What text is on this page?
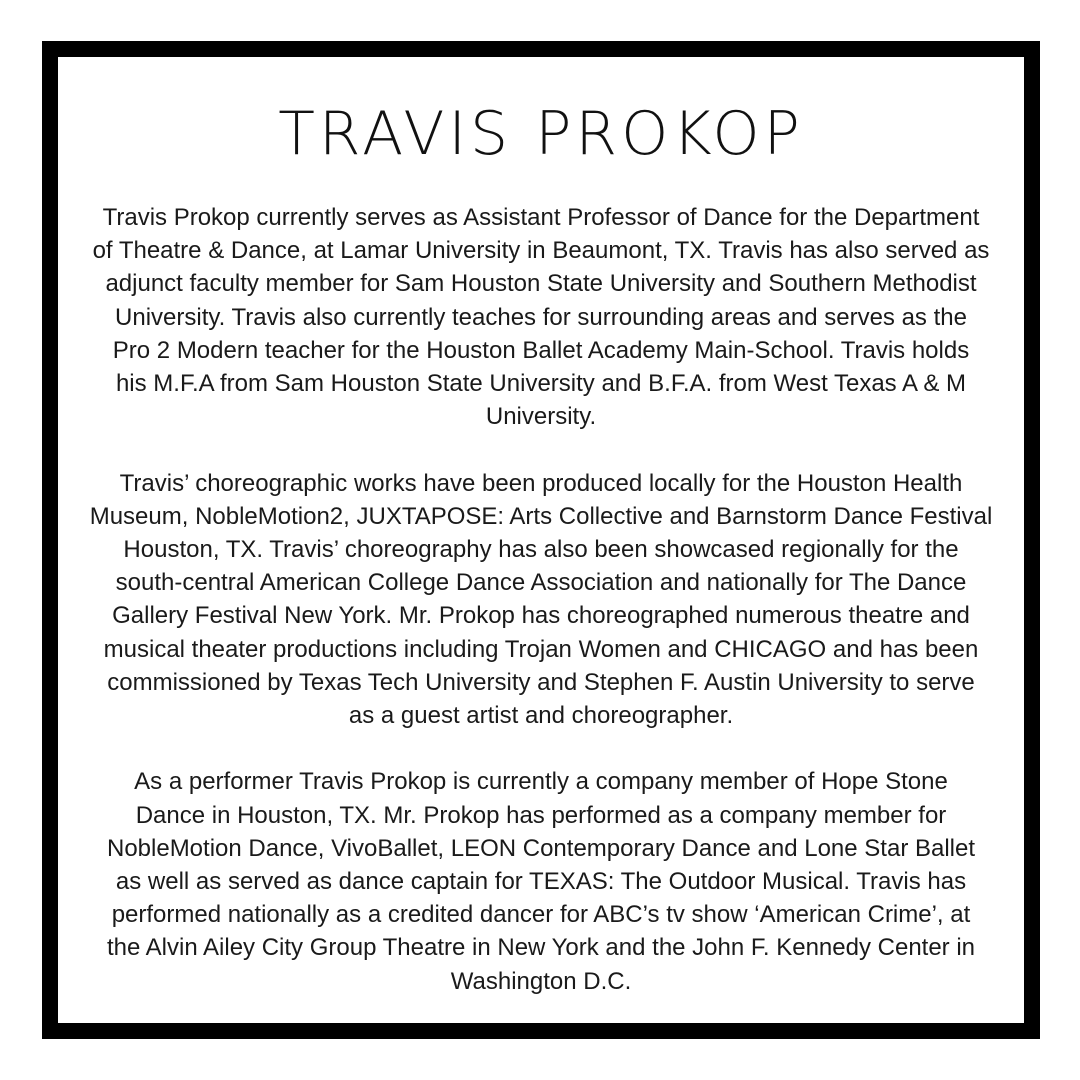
TRAVIS PROKOP

Travis Prokop currently serves as Assistant Professor of Dance for the Department
of Theatre & Dance, at Lamar University in Beaumont, TX. Travis has also served as
adjunct faculty member for Sam Houston State University and Southern Methodist
University. Travis also currently teaches for surrounding areas and serves as the
Pro 2 Modern teacher for the Houston Ballet Academy Main-School. Travis holds
his M.F.A from Sam Houston State University and B.F.A. from West Texas A & M
University.

Travis’ choreographic works have been produced locally for the Houston Health
Museum, NobleMotion2, JUXTAPOSE: Arts Collective and Barnstorm Dance Festival
Houston, TX. Travis’ choreography has also been showcased regionally for the
south-central American College Dance Association and nationally for The Dance
Gallery Festival New York. Mr. Prokop has choreographed numerous theatre and
musical theater productions including Trojan Women and CHICAGO and has been
commissioned by Texas Tech University and Stephen F. Austin University to serve
as a guest artist and choreographer.

As a performer Travis Prokop is currently a company member of Hope Stone
Dance in Houston, TX. Mr. Prokop has performed as a company member for
NobleMotion Dance, VivoBallet, LEON Contemporary Dance and Lone Star Ballet
as well as served as dance captain for TEXAS: The Outdoor Musical. Travis has
performed nationally as a credited dancer for ABC’s tv show ‘American Crime’, at
the Alvin Ailey City Group Theatre in New York and the John F. Kennedy Center in
Washington D.C.
